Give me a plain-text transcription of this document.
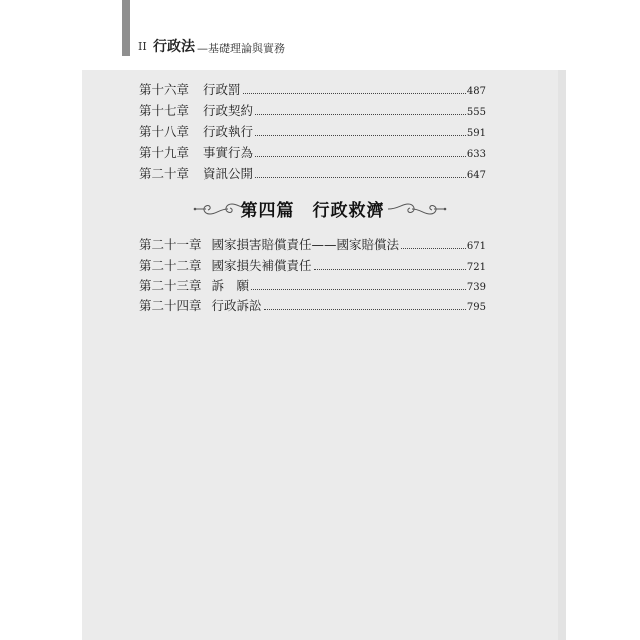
II 行政法 —基礎理論與實務
第十六章 行政罰	487
第十七章 行政契約	555
第十八章 行政執行	591
第十九章 事實行為	633
第二十章 資訊公開	647
第四篇　行政救濟
第二十一章 國家損害賠償責任——國家賠償法	671
第二十二章 國家損失補償責任	721
第二十三章 訴　願	739
第二十四章 行政訴訟	795
